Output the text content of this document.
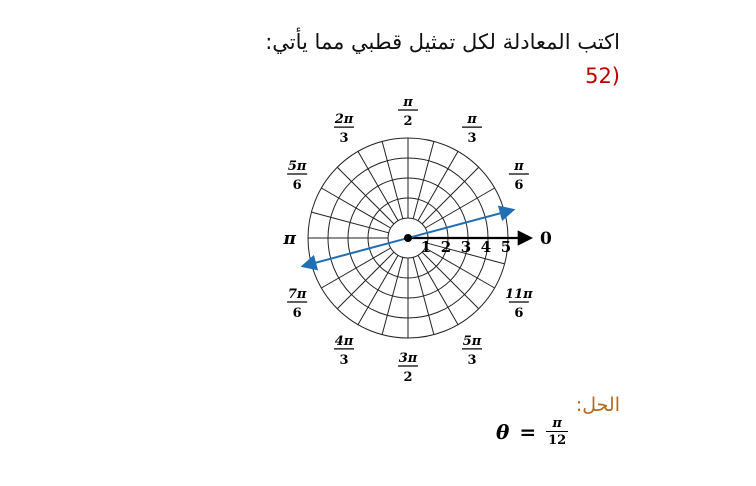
اكتب المعادلة لكل تمثيل قطبي مما يأتي:
52)
1 2 3 4 5 0
π
π
2	π
3
π
6
2π
3
5π
6
7π
6
4π
3	3π
2
5π
3
11π
6
الحل:
$\theta = \frac{\pi}{12}$
